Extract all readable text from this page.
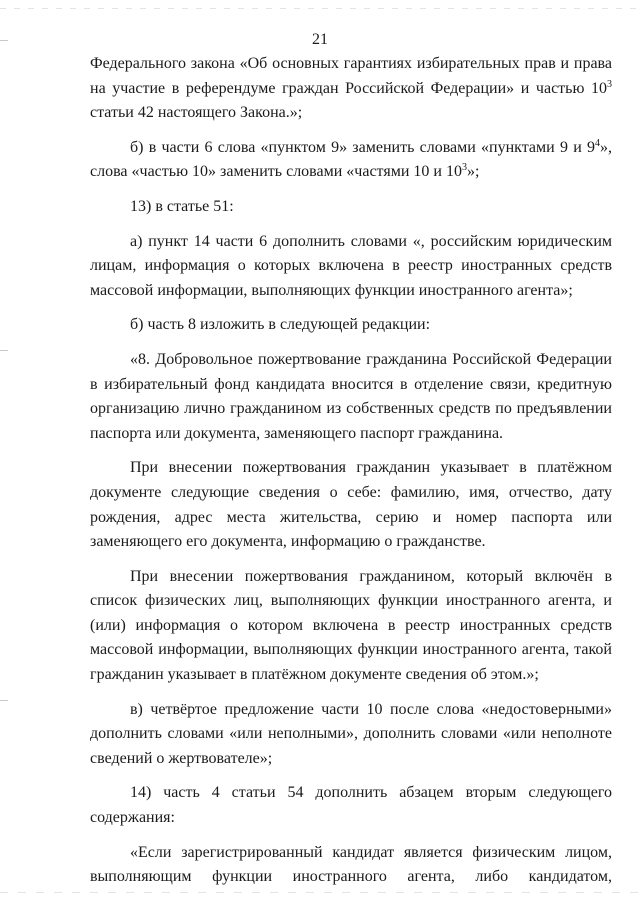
21

Федерального закона «Об основных гарантиях избирательных прав и права на участие в референдуме граждан Российской Федерации» и частью $10^3$ статьи 42 настоящего Закона.»;

б) в части 6 слова «пунктом 9» заменить словами «пунктами 9 и $9^4$», слова «частью 10» заменить словами «частями 10 и $10^3$»;

13) в статье 51:

а) пункт 14 части 6 дополнить словами «, российским юридическим лицам, информация о которых включена в реестр иностранных средств массовой информации, выполняющих функции иностранного агента»;

б) часть 8 изложить в следующей редакции:

«8. Добровольное пожертвование гражданина Российской Федерации в избирательный фонд кандидата вносится в отделение связи, кредитную организацию лично гражданином из собственных средств по предъявлении паспорта или документа, заменяющего паспорт гражданина.

При внесении пожертвования гражданин указывает в платёжном документе следующие сведения о себе: фамилию, имя, отчество, дату рождения, адрес места жительства, серию и номер паспорта или заменяющего его документа, информацию о гражданстве.

При внесении пожертвования гражданином, который включён в список физических лиц, выполняющих функции иностранного агента, и (или) информация о котором включена в реестр иностранных средств массовой информации, выполняющих функции иностранного агента, такой гражданин указывает в платёжном документе сведения об этом.»;

в) четвёртое предложение части 10 после слова «недостоверными» дополнить словами «или неполными», дополнить словами «или неполноте сведений о жертвователе»;

14) часть 4 статьи 54 дополнить абзацем вторым следующего содержания:

«Если зарегистрированный кандидат является физическим лицом, выполняющим функции иностранного агента, либо кандидатом,
